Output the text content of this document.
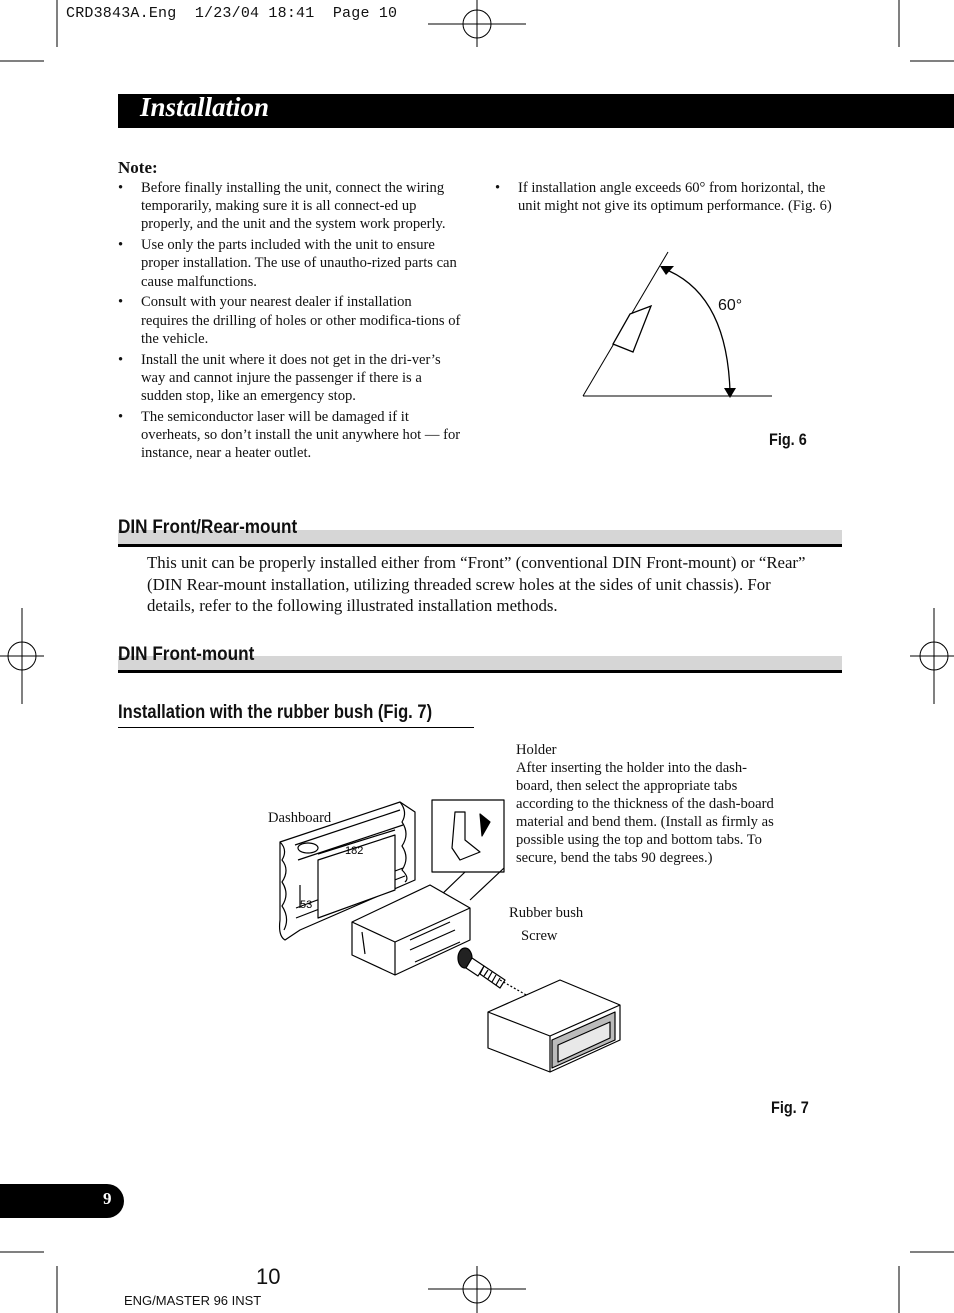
CRD3843A.Eng  1/23/04 18:41  Page 10
Installation
Note:
• Before finally installing the unit, connect the wiring temporarily, making sure it is all connect-ed up properly, and the unit and the system work properly.
• Use only the parts included with the unit to ensure proper installation. The use of unautho-rized parts can cause malfunctions.
• Consult with your nearest dealer if installation requires the drilling of holes or other modifica-tions of the vehicle.
• Install the unit where it does not get in the dri-ver’s way and cannot injure the passenger if there is a sudden stop, like an emergency stop.
• The semiconductor laser will be damaged if it overheats, so don’t install the unit anywhere hot — for instance, near a heater outlet.
• If installation angle exceeds 60° from horizontal, the unit might not give its optimum performance. (Fig. 6)
60°
Fig. 6
DIN Front/Rear-mount
This unit can be properly installed either from “Front” (conventional DIN Front-mount) or “Rear” (DIN Rear-mount installation, utilizing threaded screw holes at the sides of unit chassis). For details, refer to the following illustrated installation methods.
DIN Front-mount
Installation with the rubber bush (Fig. 7)
Holder
After inserting the holder into the dash-board, then select the appropriate tabs according to the thickness of the dash-board material and bend them. (Install as firmly as possible using the top and bottom tabs. To secure, bend the tabs 90 degrees.)
Dashboard
Rubber bush
Screw
182
53
Fig. 7
9
10
ENG/MASTER 96 INST
